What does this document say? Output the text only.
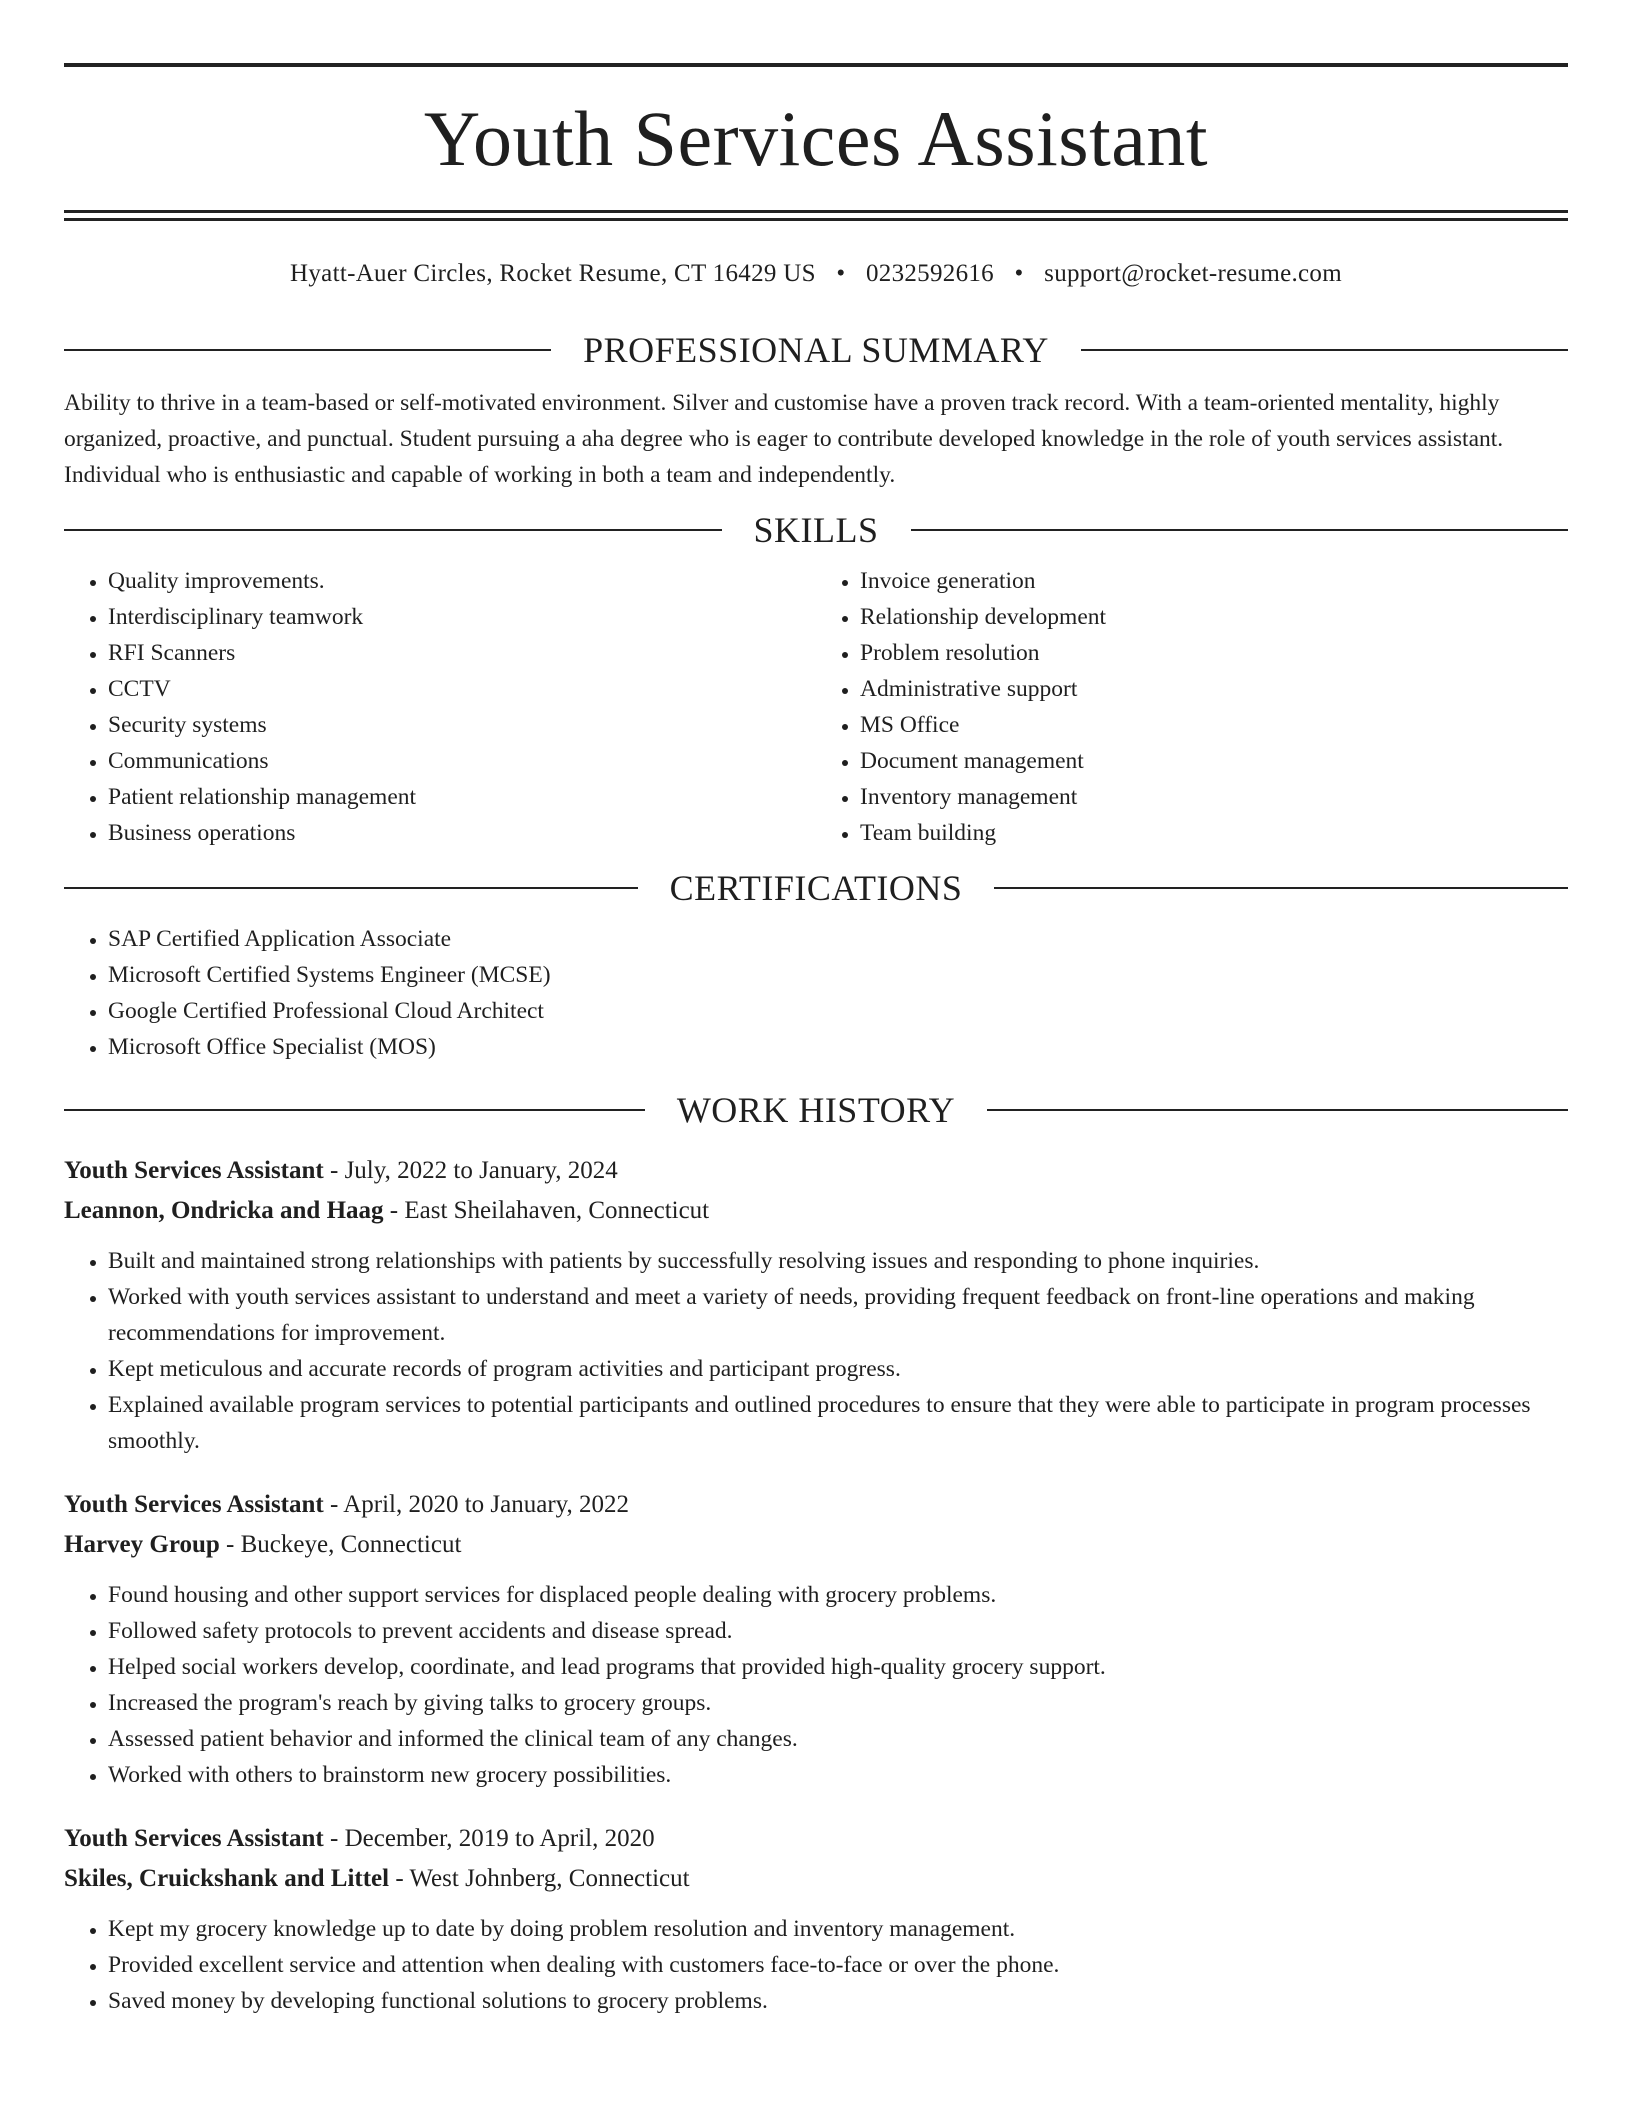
Youth Services Assistant
Hyatt-Auer Circles, Rocket Resume, CT 16429 US • 0232592616 • support@rocket-resume.com
PROFESSIONAL SUMMARY

Ability to thrive in a team-based or self-motivated environment. Silver and customise have a proven track record. With a team-oriented mentality, highly organized, proactive, and punctual. Student pursuing a aha degree who is eager to contribute developed knowledge in the role of youth services assistant. Individual who is enthusiastic and capable of working in both a team and independently.

SKILLS
• Quality improvements.
• Interdisciplinary teamwork
• RFI Scanners
• CCTV
• Security systems
• Communications
• Patient relationship management
• Business operations
• Invoice generation
• Relationship development
• Problem resolution
• Administrative support
• MS Office
• Document management
• Inventory management
• Team building
CERTIFICATIONS
• SAP Certified Application Associate
• Microsoft Certified Systems Engineer (MCSE)
• Google Certified Professional Cloud Architect
• Microsoft Office Specialist (MOS)
WORK HISTORY
Youth Services Assistant - July, 2022 to January, 2024
Leannon, Ondricka and Haag - East Sheilahaven, Connecticut
• Built and maintained strong relationships with patients by successfully resolving issues and responding to phone inquiries.
• Worked with youth services assistant to understand and meet a variety of needs, providing frequent feedback on front-line operations and making recommendations for improvement.
• Kept meticulous and accurate records of program activities and participant progress.
• Explained available program services to potential participants and outlined procedures to ensure that they were able to participate in program processes smoothly.
Youth Services Assistant - April, 2020 to January, 2022
Harvey Group - Buckeye, Connecticut
• Found housing and other support services for displaced people dealing with grocery problems.
• Followed safety protocols to prevent accidents and disease spread.
• Helped social workers develop, coordinate, and lead programs that provided high-quality grocery support.
• Increased the program's reach by giving talks to grocery groups.
• Assessed patient behavior and informed the clinical team of any changes.
• Worked with others to brainstorm new grocery possibilities.
Youth Services Assistant - December, 2019 to April, 2020
Skiles, Cruickshank and Littel - West Johnberg, Connecticut
• Kept my grocery knowledge up to date by doing problem resolution and inventory management.
• Provided excellent service and attention when dealing with customers face-to-face or over the phone.
• Saved money by developing functional solutions to grocery problems.
